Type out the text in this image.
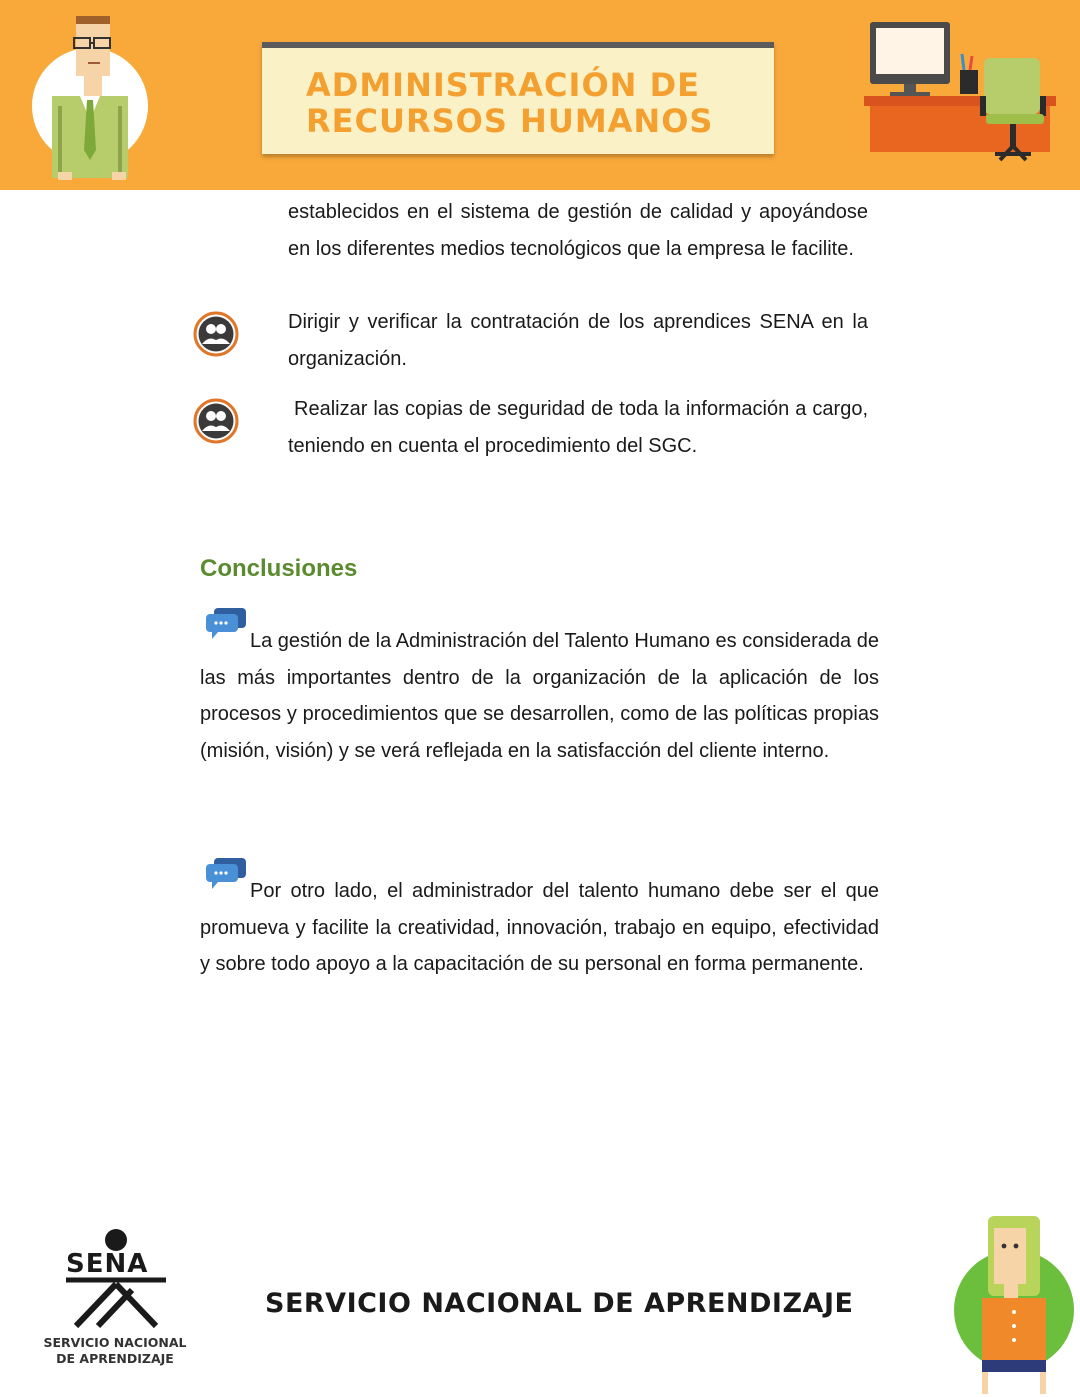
ADMINISTRACIÓN DE
RECURSOS HUMANOS
establecidos en el sistema de gestión de calidad y apoyándose en los diferentes medios tecnológicos que la empresa le facilite.
Dirigir y verificar la contratación de los aprendices SENA en la organización.
Realizar las copias de seguridad de toda la información a cargo, teniendo en cuenta el procedimiento del SGC.
Conclusiones
La gestión de la Administración del Talento Humano es considerada de las más importantes dentro de la organización de la aplicación de los procesos y procedimientos que se desarrollen, como de las políticas propias (misión, visión) y se verá reflejada en la satisfacción del cliente interno.
Por otro lado, el administrador del talento humano debe ser el que promueva y facilite la creatividad, innovación, trabajo en equipo, efectividad y sobre todo apoyo a la capacitación de su personal en forma permanente.
SENA
SERVICIO NACIONAL
DE APRENDIZAJE
SERVICIO NACIONAL DE APRENDIZAJE
